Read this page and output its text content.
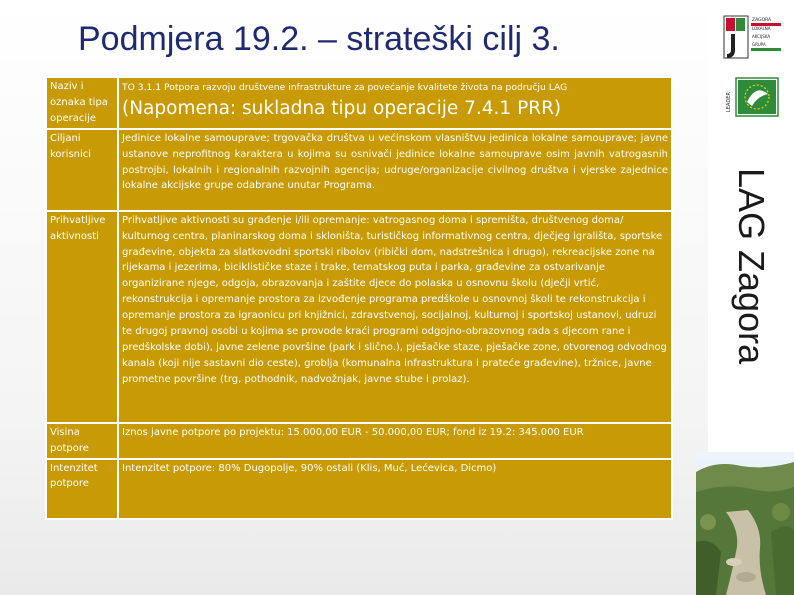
Podmjera 19.2. – strateški cilj 3.
LAG Zagora
Naziv i oznaka tipa operacije	TO 3.1.1 Potpora razvoju društvene infrastrukture za povećanje kvalitete života na području LAG
(Napomena: sukladna tipu operacije 7.4.1 PRR)

Ciljani korisnici	Jedinice lokalne samouprave; trgovačka društva u većinskom vlasništvu jedinica lokalne samouprave; javne ustanove neprofitnog karaktera u kojima su osnivači jedinice lokalne samouprave osim javnih vatrogasnih postrojbi, lokalnih i regionalnih razvojnih agencija; udruge/organizacije civilnog društva i vjerske zajednice lokalne akcijske grupe odabrane unutar Programa.

Prihvatljive aktivnosti	Prihvatljive aktivnosti su građenje i/ili opremanje: vatrogasnog doma i spremišta, društvenog doma/ kulturnog centra, planinarskog doma i skloništa, turističkog informativnog centra, dječjeg igrališta, sportske građevine, objekta za slatkovodni sportski ribolov (ribički dom, nadstrešnica i drugo), rekreacijske zone na rijekama i jezerima, biciklističke staze i trake, tematskog puta i parka, građevine za ostvarivanje organizirane njege, odgoja, obrazovanja i zaštite djece do polaska u osnovnu školu (dječji vrtić, rekonstrukcija i opremanje prostora za izvođenje programa predškole u osnovnoj školi te rekonstrukcija i opremanje prostora za igraonicu pri knjižnici, zdravstvenoj, socijalnoj, kulturnoj i sportskoj ustanovi, udruzi te drugoj pravnoj osobi u kojima se provode kraći programi odgojno-obrazovnog rada s djecom rane i predškolske dobi), javne zelene površine (park i slično.), pješačke staze, pješačke zone, otvorenog odvodnog kanala (koji nije sastavni dio ceste), groblja (komunalna infrastruktura i prateće građevine), tržnice, javne prometne površine (trg, pothodnik, nadvožnjak, javne stube i prolaz).

Visina potpore	Iznos javne potpore po projektu: 15.000,00 EUR - 50.000,00 EUR; fond iz 19.2: 345.000 EUR

Intenzitet potpore	Intenzitet potpore: 80% Dugopolje, 90% ostali (Klis, Muć, Lećevica, Dicmo)
ZAGORA
LOKALNA
AKCIJSKA
GRUPA
LEADER
